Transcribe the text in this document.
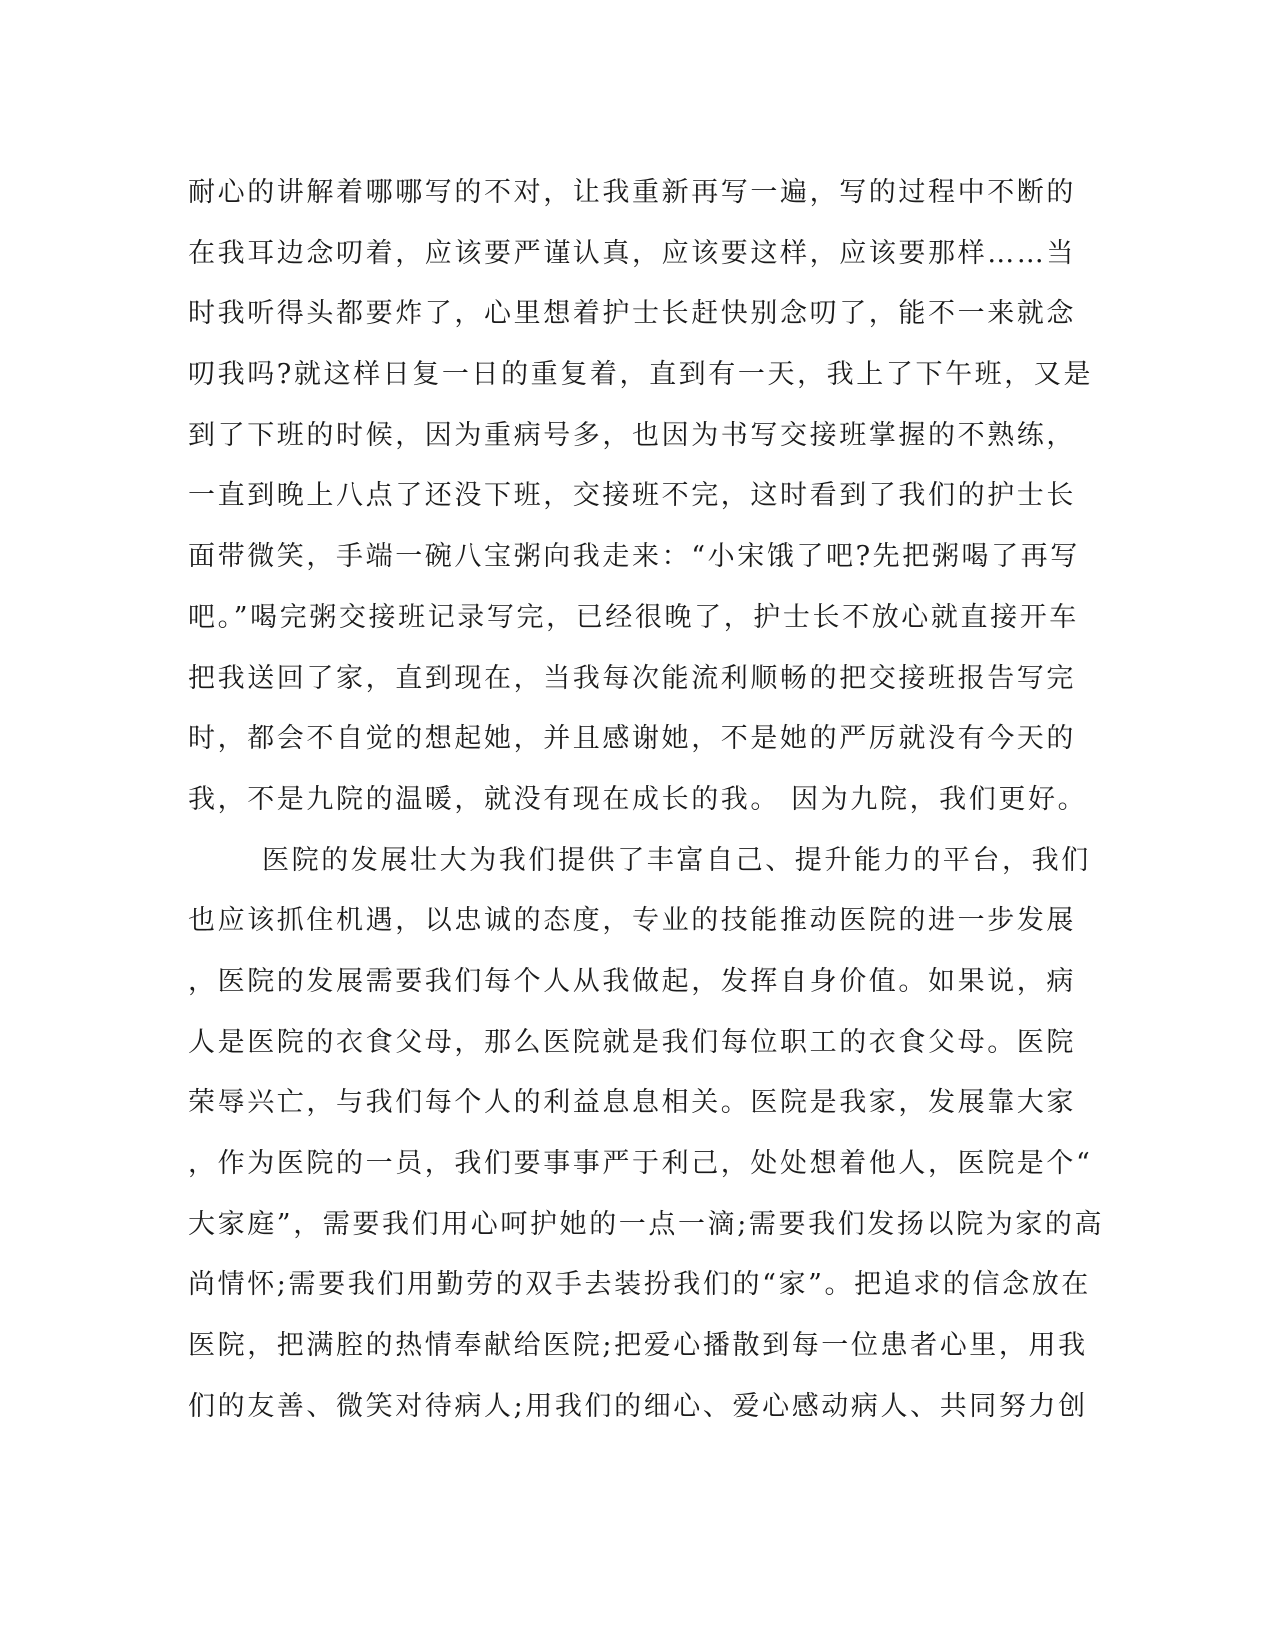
耐心的讲解着哪哪写的不对，让我重新再写一遍，写的过程中不断的
在我耳边念叨着，应该要严谨认真，应该要这样，应该要那样……当
时我听得头都要炸了，心里想着护士长赶快别念叨了，能不一来就念
叨我吗?就这样日复一日的重复着，直到有一天，我上了下午班，又是
到了下班的时候，因为重病号多，也因为书写交接班掌握的不熟练，
一直到晚上八点了还没下班，交接班不完，这时看到了我们的护士长
面带微笑，手端一碗八宝粥向我走来：“小宋饿了吧?先把粥喝了再写
吧。”喝完粥交接班记录写完，已经很晚了，护士长不放心就直接开车
把我送回了家，直到现在，当我每次能流利顺畅的把交接班报告写完
时，都会不自觉的想起她，并且感谢她，不是她的严厉就没有今天的
我，不是九院的温暖，就没有现在成长的我。 因为九院，我们更好。
医院的发展壮大为我们提供了丰富自己、提升能力的平台，我们
也应该抓住机遇，以忠诚的态度，专业的技能推动医院的进一步发展
，医院的发展需要我们每个人从我做起，发挥自身价值。如果说，病
人是医院的衣食父母，那么医院就是我们每位职工的衣食父母。医院
荣辱兴亡，与我们每个人的利益息息相关。医院是我家，发展靠大家
，作为医院的一员，我们要事事严于利己，处处想着他人，医院是个“
大家庭”，需要我们用心呵护她的一点一滴;需要我们发扬以院为家的高
尚情怀;需要我们用勤劳的双手去装扮我们的“家”。把追求的信念放在
医院，把满腔的热情奉献给医院;把爱心播散到每一位患者心里，用我
们的友善、微笑对待病人;用我们的细心、爱心感动病人、共同努力创
